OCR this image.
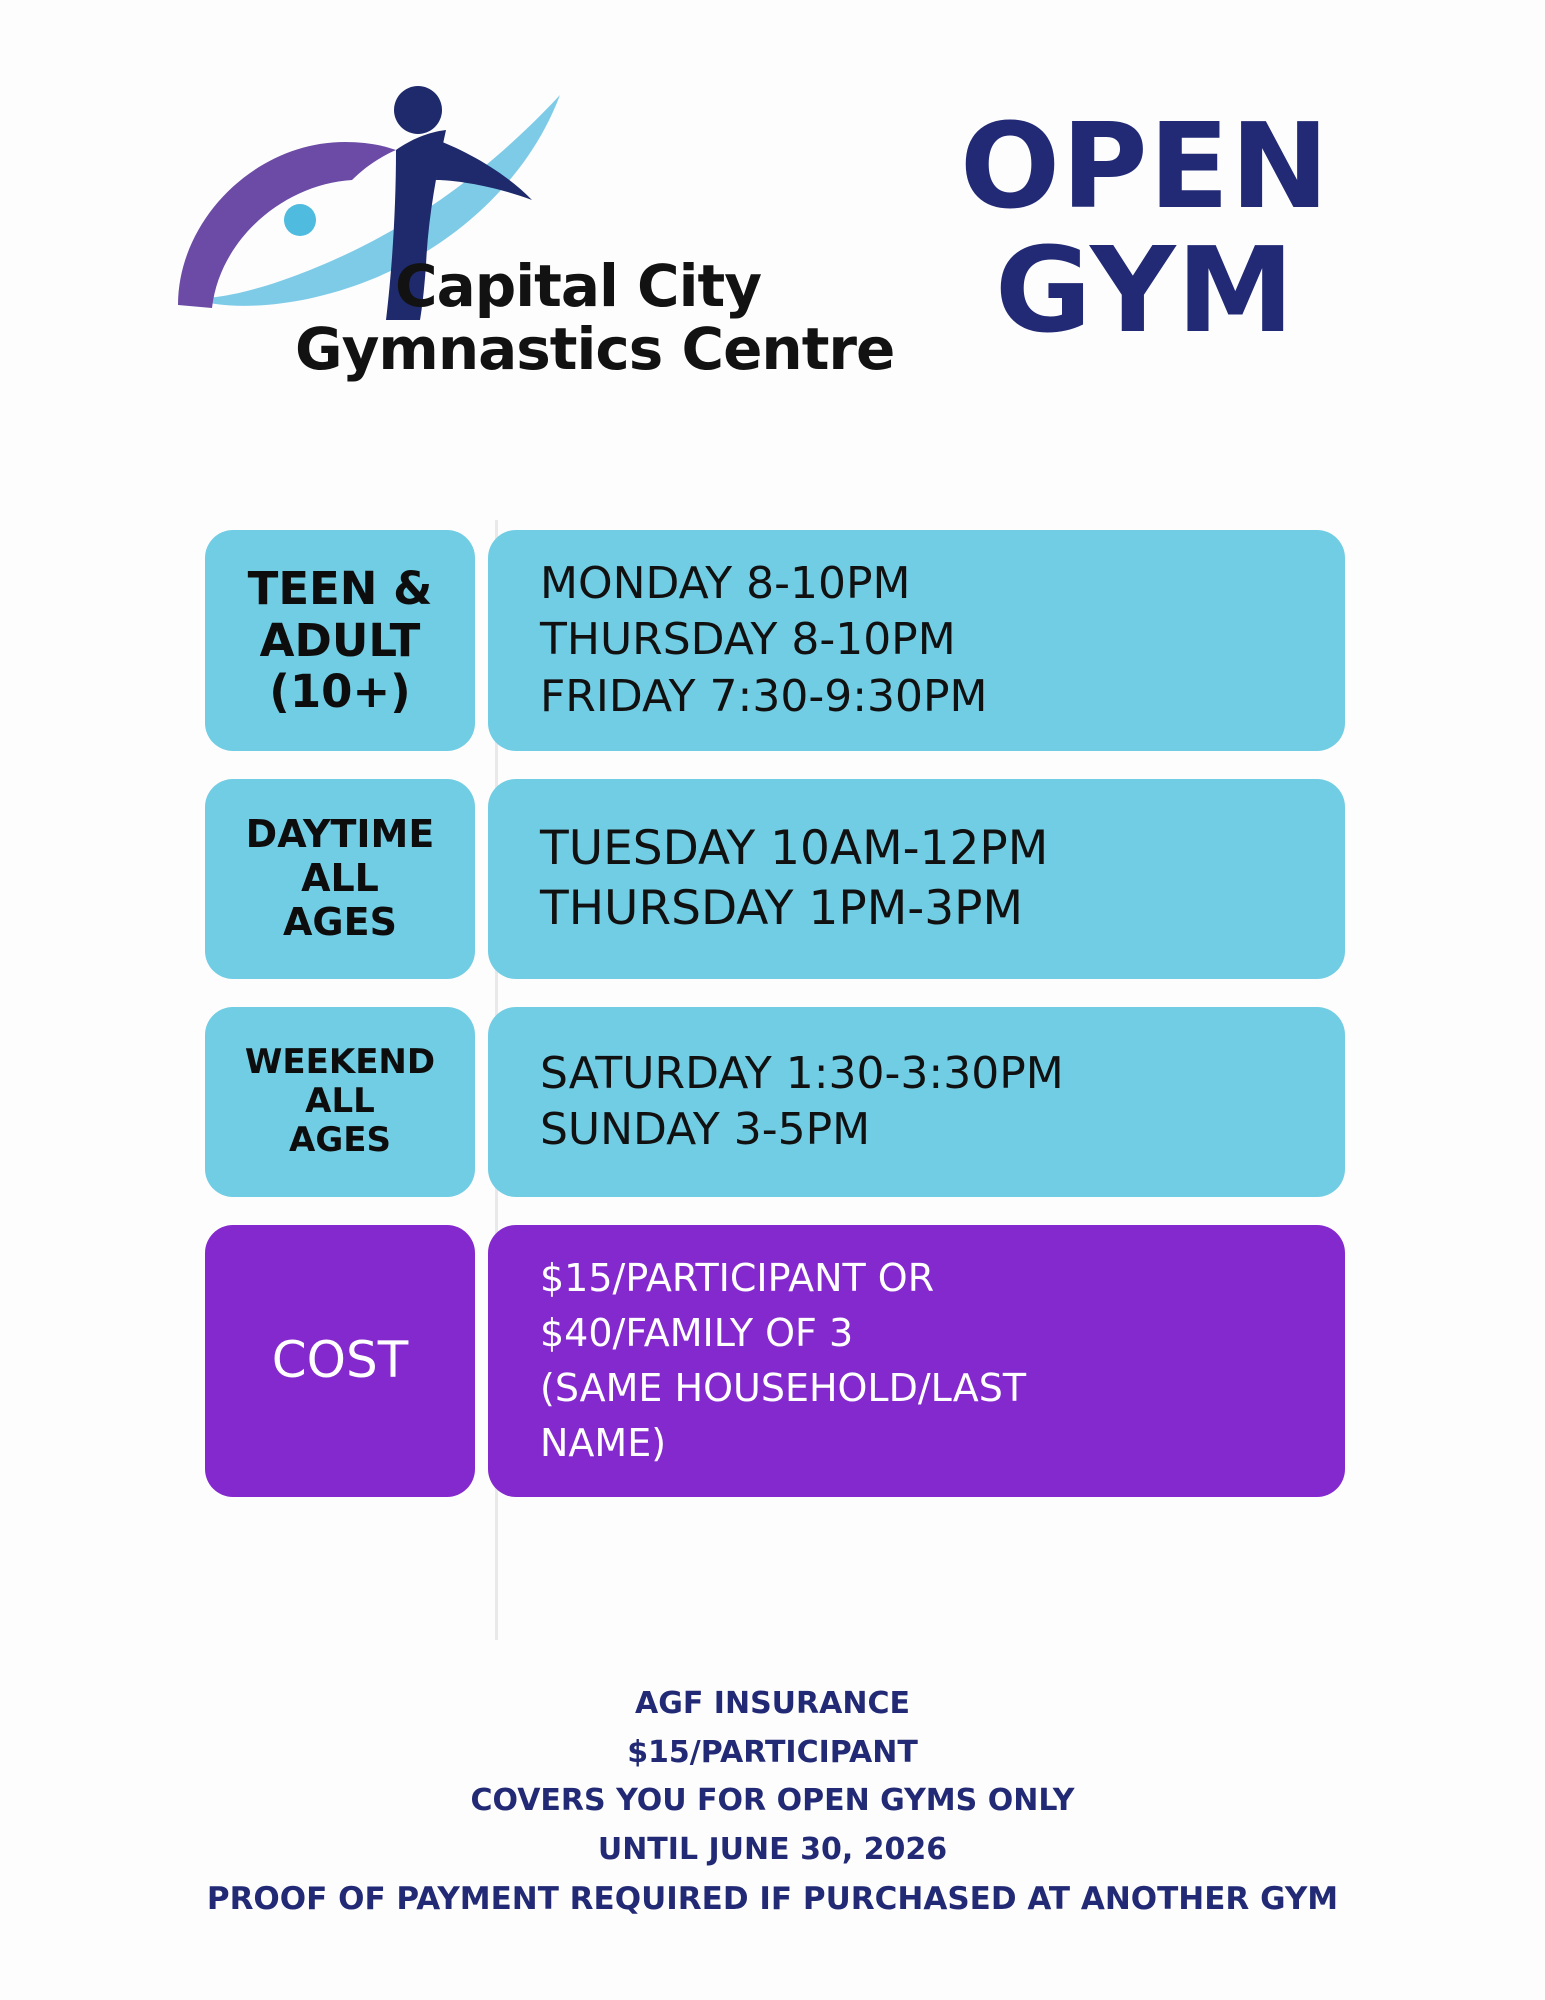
Capital City
Gymnastics Centre
OPEN
GYM
TEEN &
ADULT
(10+)
MONDAY 8-10PM
THURSDAY 8-10PM
FRIDAY 7:30-9:30PM
DAYTIME
ALL
AGES
TUESDAY 10AM-12PM
THURSDAY 1PM-3PM
WEEKEND
ALL
AGES
SATURDAY 1:30-3:30PM
SUNDAY 3-5PM
COST
$15/PARTICIPANT OR
$40/FAMILY OF 3
(SAME HOUSEHOLD/LAST
NAME)
AGF INSURANCE
$15/PARTICIPANT
COVERS YOU FOR OPEN GYMS ONLY
UNTIL JUNE 30, 2026
PROOF OF PAYMENT REQUIRED IF PURCHASED AT ANOTHER GYM
